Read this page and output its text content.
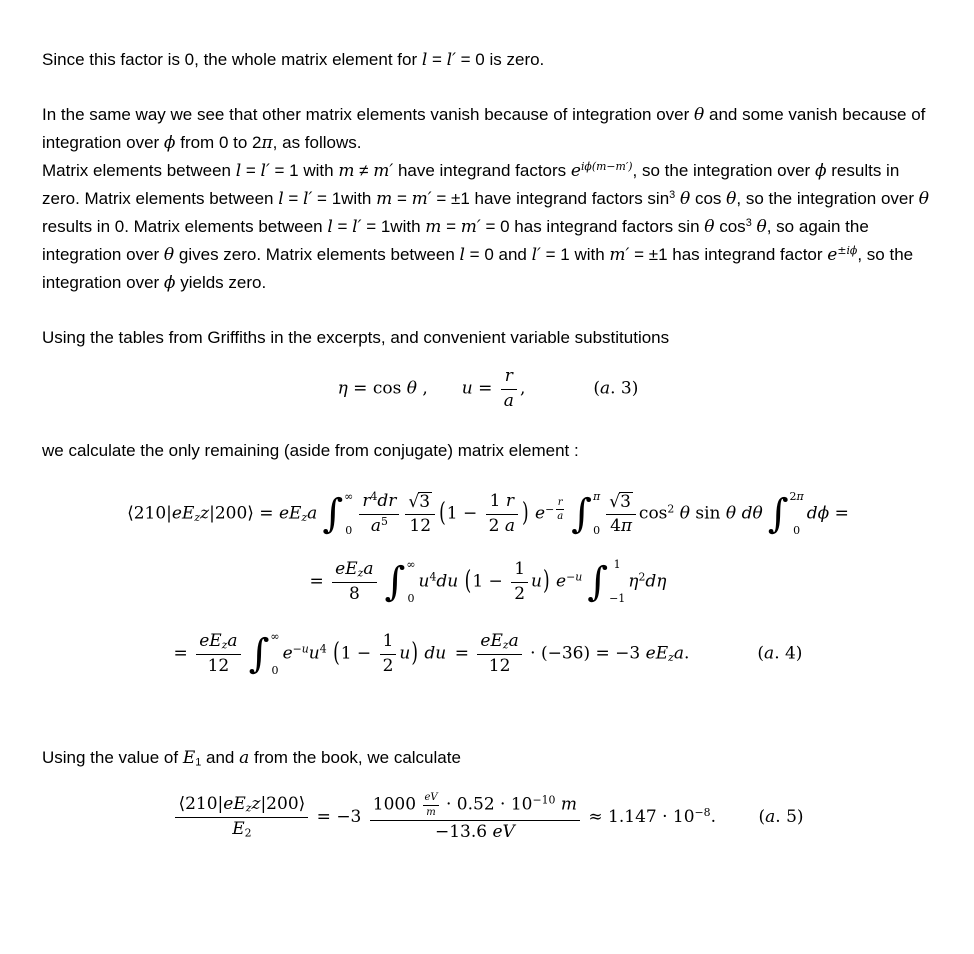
Since this factor is 0, the whole matrix element for l = l′ = 0 is zero.

In the same way we see that other matrix elements vanish because of integration over θ and some vanish because of integration over ϕ from 0 to 2π, as follows.

Matrix elements between l = l′ = 1 with m ≠ m′ have integrand factors $e^{i\phi(m-m')}$, so the integration over ϕ results in zero. Matrix elements between l = l′ = 1with m = m′ = ±1 have integrand factors $\sin^3 \theta$ cos θ, so the integration over θ results in 0. Matrix elements between l = l′ = 1with m = m′ = 0 has integrand factors sin θ $\cos^3 \theta$, so again the integration over θ gives zero. Matrix elements between l = 0 and l′ = 1 with m′ = ±1 has integrand factor $e^{\pm i\phi}$, so the integration over ϕ yields zero.

Using the tables from Griffiths in the excerpts, and convenient variable substitutions

η = cos θ ,  $u = \frac{r}{a}$ ,    (a. 3)

we calculate the only remaining (aside from conjugate) matrix element :

$⟨210|eE_zz|200⟩ = eE_za$ ∫ ∞
$0 \frac{r^4dr}{a^5} \frac{√3}{12} (1 - \frac{1 r}{2 a}$ ) $e^{- \frac{r}{a}}$ ∫ π
$0 \frac{√3}{4\pi} \cos^2 \theta$ sin θ dθ ∫ 2π
0
dϕ =
= $\frac{eE_za}{8}$ ∫ ∞
0
$u^4du$ $(1 - \frac{1}{2} u)$ $e^{-u}$ ∫ 1
−1
$\eta^2d\eta$
= $\frac{eE_za}{12}$ ∫ ∞
0
$e^{-u}u^4$ $(1 - \frac{1}{2} u)$ du = $\frac{eE_za}{12} \cdot (-36) = -3$ $eE_za$.    (a. 4)

Using the value of $E_1$ and a from the book, we calculate

$\frac{⟨210|eE_zz|200⟩}{E_2} = -3 \frac{1000 \frac{eV}{m} \cdot 0.52 \cdot 10^{-10} m}{-13.6 eV} \approx 1.147 \cdot 10^{-8}$.   (a. 5)
